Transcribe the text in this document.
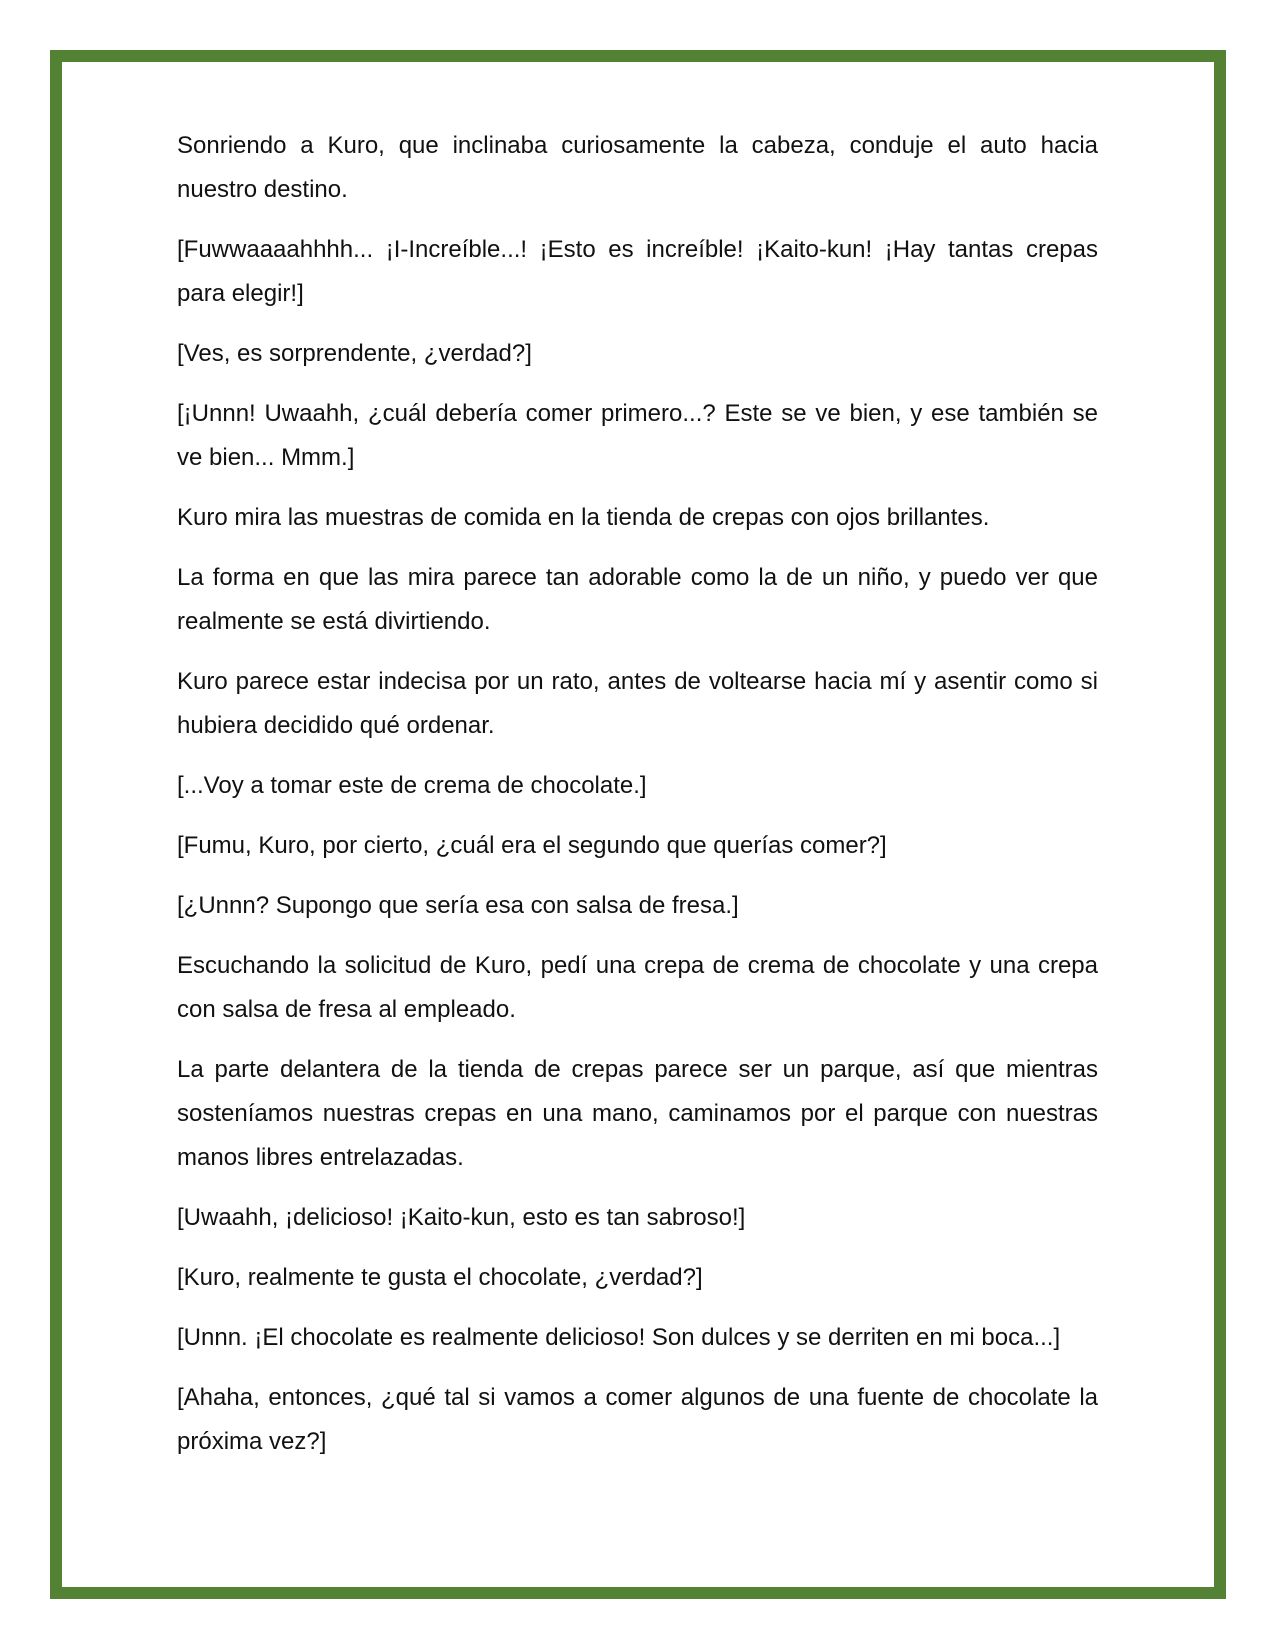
Sonriendo a Kuro, que inclinaba curiosamente la cabeza, conduje el auto hacia nuestro destino.

[Fuwwaaaahhhh... ¡I-Increíble...! ¡Esto es increíble! ¡Kaito-kun! ¡Hay tantas crepas para elegir!]

[Ves, es sorprendente, ¿verdad?]

[¡Unnn! Uwaahh, ¿cuál debería comer primero...? Este se ve bien, y ese también se ve bien... Mmm.]

Kuro mira las muestras de comida en la tienda de crepas con ojos brillantes.

La forma en que las mira parece tan adorable como la de un niño, y puedo ver que realmente se está divirtiendo.

Kuro parece estar indecisa por un rato, antes de voltearse hacia mí y asentir como si hubiera decidido qué ordenar.

[...Voy a tomar este de crema de chocolate.]

[Fumu, Kuro, por cierto, ¿cuál era el segundo que querías comer?]

[¿Unnn? Supongo que sería esa con salsa de fresa.]

Escuchando la solicitud de Kuro, pedí una crepa de crema de chocolate y una crepa con salsa de fresa al empleado.

La parte delantera de la tienda de crepas parece ser un parque, así que mientras sosteníamos nuestras crepas en una mano, caminamos por el parque con nuestras manos libres entrelazadas.

[Uwaahh, ¡delicioso! ¡Kaito-kun, esto es tan sabroso!]

[Kuro, realmente te gusta el chocolate, ¿verdad?]

[Unnn. ¡El chocolate es realmente delicioso! Son dulces y se derriten en mi boca...]

[Ahaha, entonces, ¿qué tal si vamos a comer algunos de una fuente de chocolate la próxima vez?]
